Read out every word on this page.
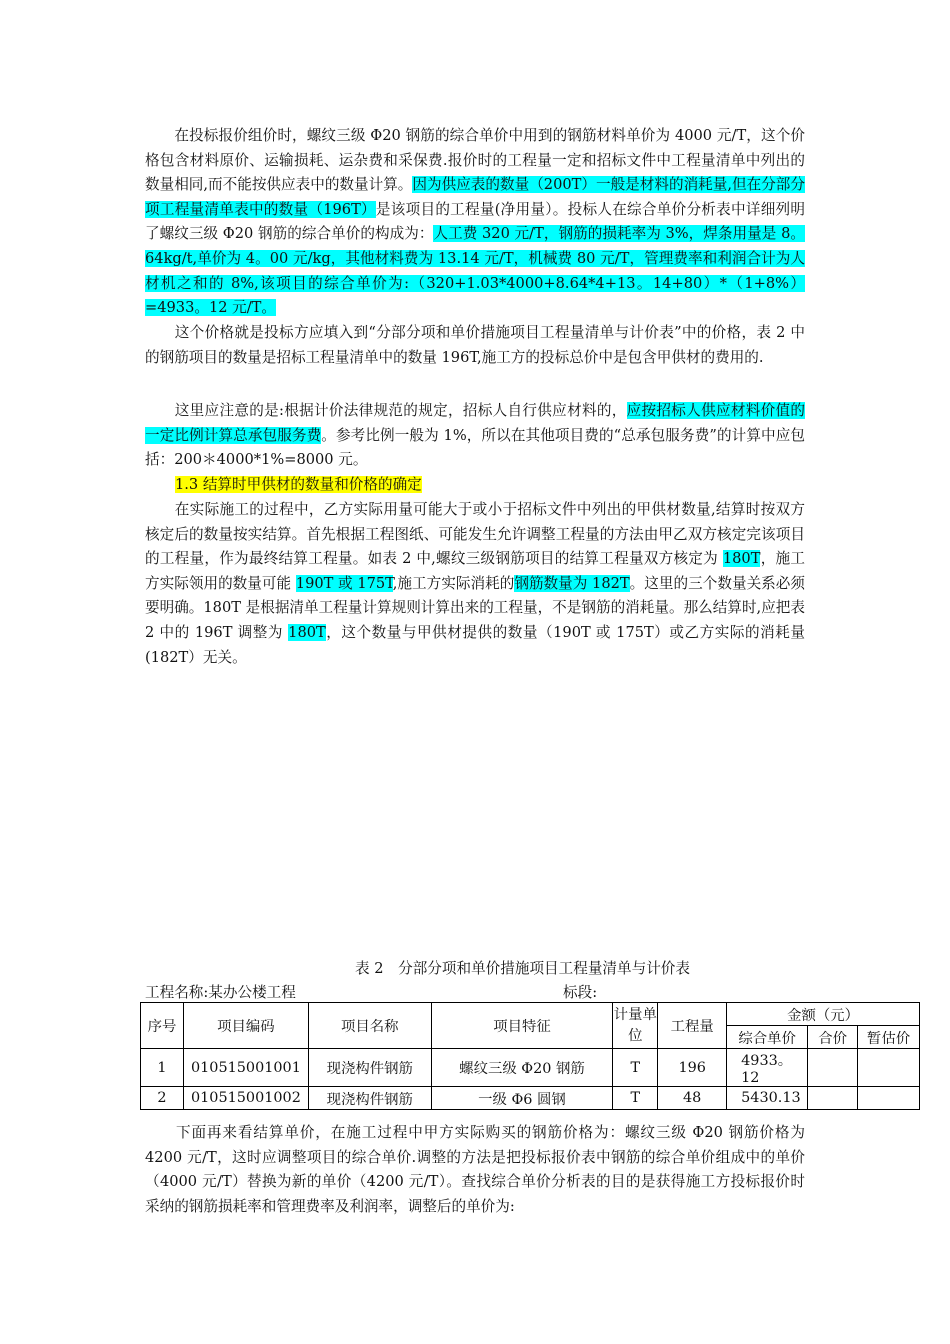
　　在投标报价组价时，螺纹三级 Φ20 钢筋的综合单价中用到的钢筋材料单价为 4000 元/T，这个价格包含材料原价、运输损耗、运杂费和采保费.报价时的工程量一定和招标文件中工程量清单中列出的数量相同,而不能按供应表中的数量计算。因为供应表的数量（200T）一般是材料的消耗量,但在分部分项工程量清单表中的数量（196T）是该项目的工程量(净用量）。投标人在综合单价分析表中详细列明了螺纹三级 Φ20 钢筋的综合单价的构成为：人工费 320 元/T，钢筋的损耗率为 3%，焊条用量是 8。64kg/t,单价为 4。00 元/kg，其他材料费为 13.14 元/T，机械费 80 元/T，管理费率和利润合计为人材机之和的 8%,该项目的综合单价为:（320+1.03*4000+8.64*4+13。14+80）*（1+8%）=4933。12 元/T。

　　这个价格就是投标方应填入到“分部分项和单价措施项目工程量清单与计价表”中的价格，表 2 中的钢筋项目的数量是招标工程量清单中的数量 196T,施工方的投标总价中是包含甲供材的费用的.

　　这里应注意的是:根据计价法律规范的规定，招标人自行供应材料的，应按招标人供应材料价值的一定比例计算总承包服务费。参考比例一般为 1%，所以在其他项目费的“总承包服务费”的计算中应包括：200＊4000*1%=8000 元。

1.3 结算时甲供材的数量和价格的确定

　　在实际施工的过程中，乙方实际用量可能大于或小于招标文件中列出的甲供材数量,结算时按双方核定后的数量按实结算。首先根据工程图纸、可能发生允许调整工程量的方法由甲乙双方核定完该项目的工程量，作为最终结算工程量。如表 2 中,螺纹三级钢筋项目的结算工程量双方核定为 180T，施工方实际领用的数量可能 190T 或 175T,施工方实际消耗的钢筋数量为 182T。这里的三个数量关系必须要明确。180T 是根据清单工程量计算规则计算出来的工程量，不是钢筋的消耗量。那么结算时,应把表 2 中的 196T 调整为 180T，这个数量与甲供材提供的数量（190T 或 175T）或乙方实际的消耗量(182T）无关。

表 2　分部分项和单价措施项目工程量清单与计价表
工程名称:某办公楼工程	标段:
序号	项目编码	项目名称	项目特征	计量单位	工程量	金额（元）		
						综合单价	合价	暂估价
1	010515001001	现浇构件钢筋	螺纹三级 Φ20 钢筋	T	196	4933。12		
2	010515001002	现浇构件钢筋	一级 Φ6 圆钢	T	48	5430.13		

　　下面再来看结算单价，在施工过程中甲方实际购买的钢筋价格为：螺纹三级 Φ20 钢筋价格为 4200 元/T，这时应调整项目的综合单价.调整的方法是把投标报价表中钢筋的综合单价组成中的单价（4000 元/T）替换为新的单价（4200 元/T）。查找综合单价分析表的目的是获得施工方投标报价时采纳的钢筋损耗率和管理费率及利润率，调整后的单价为:
